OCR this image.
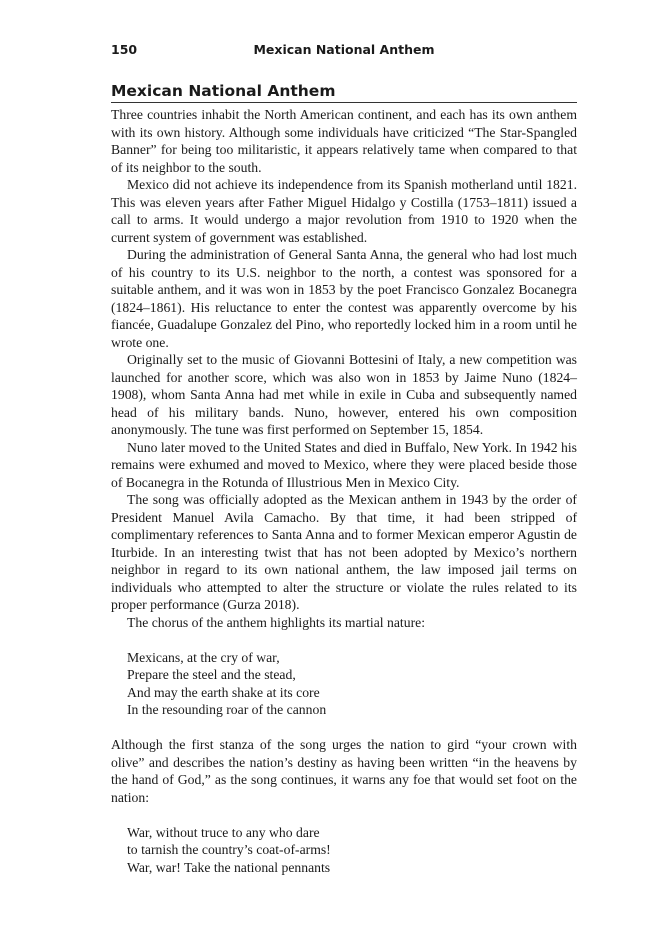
150	Mexican National Anthem
Mexican National Anthem

Three countries inhabit the North American continent, and each has its own anthem with its own history. Although some individuals have criticized “The Star-Spangled Banner” for being too militaristic, it appears relatively tame when compared to that of its neighbor to the south.

Mexico did not achieve its independence from its Spanish motherland until 1821. This was eleven years after Father Miguel Hidalgo y Costilla (1753–1811) issued a call to arms. It would undergo a major revolution from 1910 to 1920 when the current system of government was established.

During the administration of General Santa Anna, the general who had lost much of his country to its U.S. neighbor to the north, a contest was sponsored for a suitable anthem, and it was won in 1853 by the poet Francisco Gonzalez Bocanegra (1824–1861). His reluctance to enter the contest was apparently overcome by his fiancée, Guadalupe Gonzalez del Pino, who reportedly locked him in a room until he wrote one.

Originally set to the music of Giovanni Bottesini of Italy, a new competition was launched for another score, which was also won in 1853 by Jaime Nuno (1824–1908), whom Santa Anna had met while in exile in Cuba and subsequently named head of his military bands. Nuno, however, entered his own composition anonymously. The tune was first performed on September 15, 1854.

Nuno later moved to the United States and died in Buffalo, New York. In 1942 his remains were exhumed and moved to Mexico, where they were placed beside those of Bocanegra in the Rotunda of Illustrious Men in Mexico City.

The song was officially adopted as the Mexican anthem in 1943 by the order of President Manuel Avila Camacho. By that time, it had been stripped of complimentary references to Santa Anna and to former Mexican emperor Agustin de Iturbide. In an interesting twist that has not been adopted by Mexico’s northern neighbor in regard to its own national anthem, the law imposed jail terms on individuals who attempted to alter the structure or violate the rules related to its proper performance (Gurza 2018).

The chorus of the anthem highlights its martial nature:

Mexicans, at the cry of war,
Prepare the steel and the stead,
And may the earth shake at its core
In the resounding roar of the cannon

Although the first stanza of the song urges the nation to gird “your crown with olive” and describes the nation’s destiny as having been written “in the heavens by the hand of God,” as the song continues, it warns any foe that would set foot on the nation:

War, without truce to any who dare
to tarnish the country’s coat-of-arms!
War, war! Take the national pennants
